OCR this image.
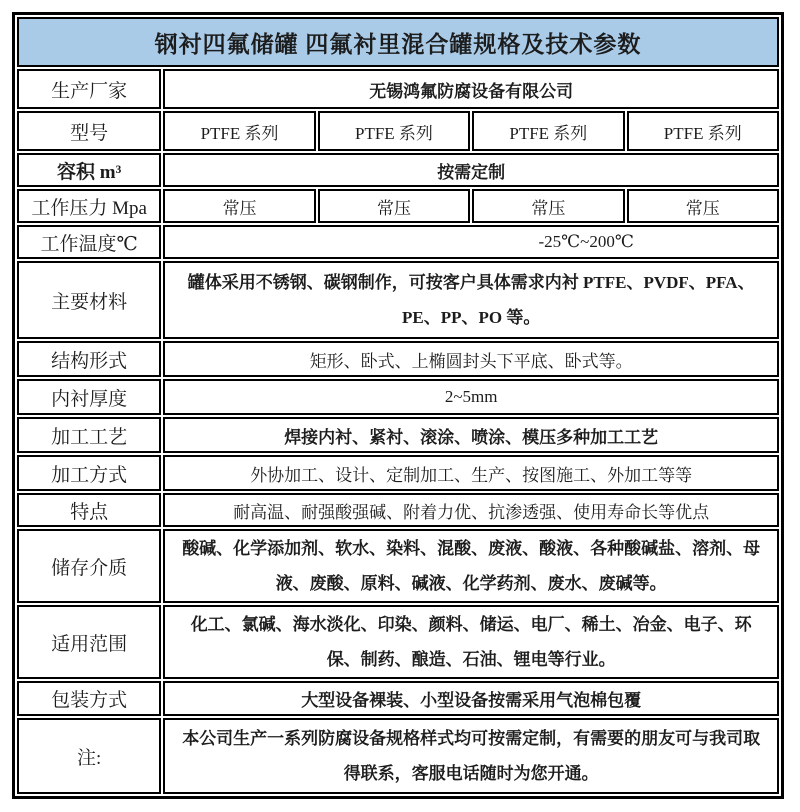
钢衬四氟储罐 四氟衬里混合罐规格及技术参数				
生产厂家	无锡鸿氟防腐设备有限公司			
型号	PTFE 系列	PTFE 系列	PTFE 系列	PTFE 系列
容积 m³	按需定制			
工作压力 Mpa	常压	常压	常压	常压
工作温度℃	-25℃~200℃			
主要材料	罐体采用不锈钢、碳钢制作，可按客户具体需求内衬 PTFE、PVDF、PFA、PE、PP、PO 等。			
结构形式	矩形、卧式、上椭圆封头下平底、卧式等。			
内衬厚度	2~5mm			
加工工艺	焊接内衬、紧衬、滚涂、喷涂、模压多种加工工艺			
加工方式	外协加工、设计、定制加工、生产、按图施工、外加工等等			
特点	耐高温、耐强酸强碱、附着力优、抗渗透强、使用寿命长等优点			
储存介质	酸碱、化学添加剂、软水、染料、混酸、废液、酸液、各种酸碱盐、溶剂、母液、废酸、原料、碱液、化学药剂、废水、废碱等。			
适用范围	化工、氯碱、海水淡化、印染、颜料、储运、电厂、稀土、冶金、电子、环保、制药、酿造、石油、锂电等行业。			
包装方式	大型设备裸装、小型设备按需采用气泡棉包覆			
注:	本公司生产一系列防腐设备规格样式均可按需定制，有需要的朋友可与我司取得联系，客服电话随时为您开通。			
